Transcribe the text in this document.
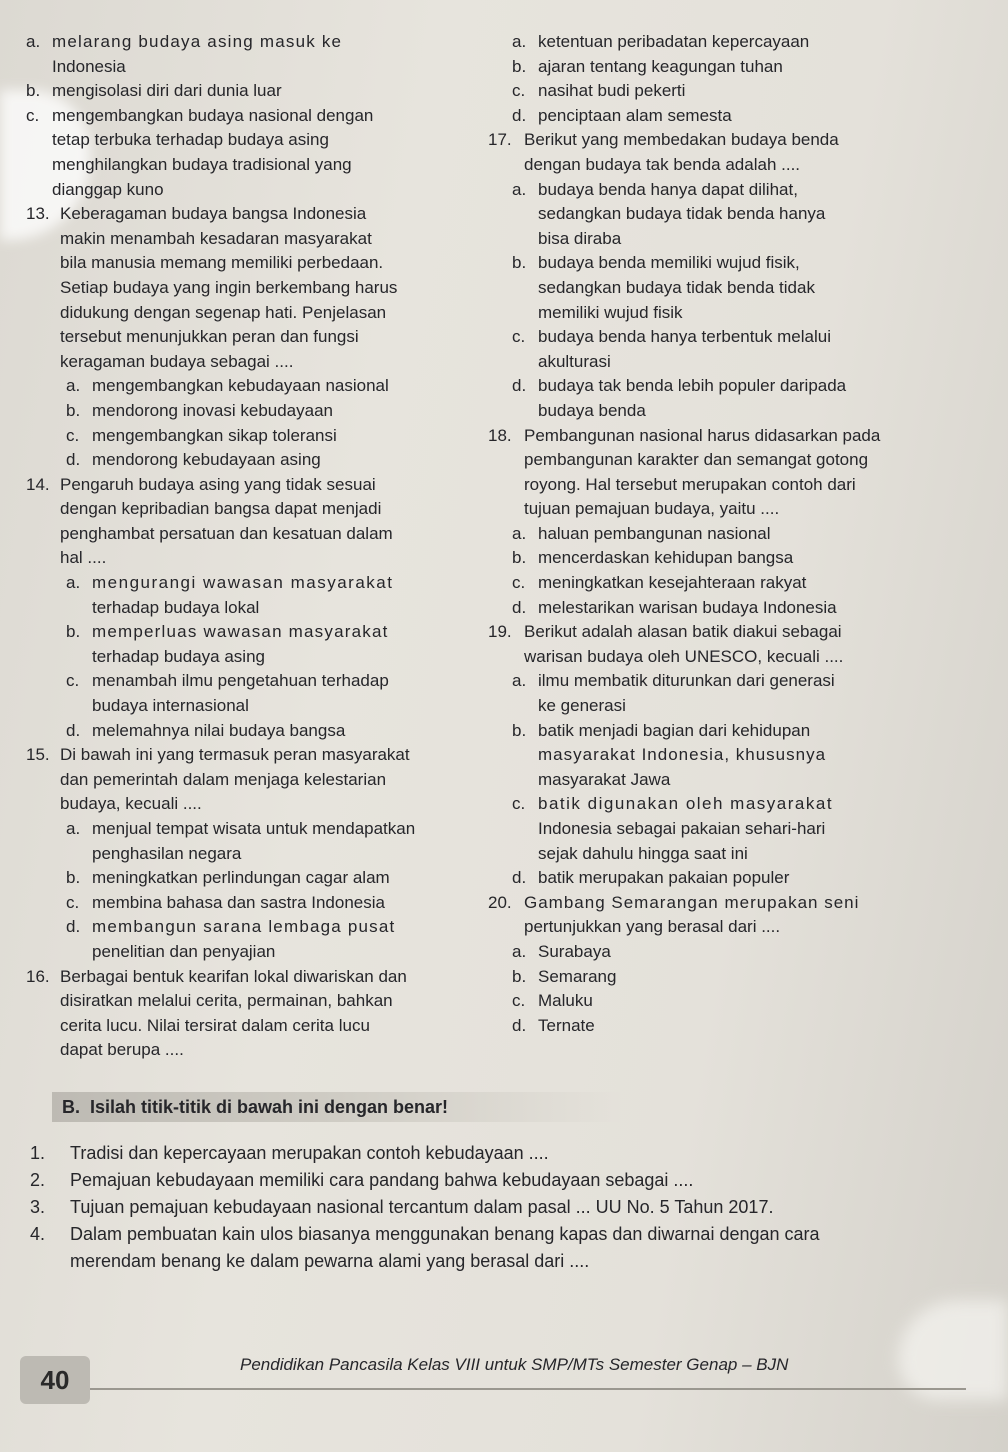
a. melarang budaya asing masuk ke
Indonesia
b. mengisolasi diri dari dunia luar
c. mengembangkan budaya nasional dengan
tetap terbuka terhadap budaya asing
menghilangkan budaya tradisional yang
dianggap kuno
13. Keberagaman budaya bangsa Indonesia
makin menambah kesadaran masyarakat
bila manusia memang memiliki perbedaan.
Setiap budaya yang ingin berkembang harus
didukung dengan segenap hati. Penjelasan
tersebut menunjukkan peran dan fungsi
keragaman budaya sebagai ....
a. mengembangkan kebudayaan nasional
b. mendorong inovasi kebudayaan
c. mengembangkan sikap toleransi
d. mendorong kebudayaan asing
14. Pengaruh budaya asing yang tidak sesuai
dengan kepribadian bangsa dapat menjadi
penghambat persatuan dan kesatuan dalam
hal ....
a. mengurangi wawasan masyarakat
terhadap budaya lokal
b. memperluas wawasan masyarakat
terhadap budaya asing
c. menambah ilmu pengetahuan terhadap
budaya internasional
d. melemahnya nilai budaya bangsa
15. Di bawah ini yang termasuk peran masyarakat
dan pemerintah dalam menjaga kelestarian
budaya, kecuali ....
a. menjual tempat wisata untuk mendapatkan
penghasilan negara
b. meningkatkan perlindungan cagar alam
c. membina bahasa dan sastra Indonesia
d. membangun sarana lembaga pusat
penelitian dan penyajian
16. Berbagai bentuk kearifan lokal diwariskan dan
disiratkan melalui cerita, permainan, bahkan
cerita lucu. Nilai tersirat dalam cerita lucu
dapat berupa ....
a. ketentuan peribadatan kepercayaan
b. ajaran tentang keagungan tuhan
c. nasihat budi pekerti
d. penciptaan alam semesta
17. Berikut yang membedakan budaya benda
dengan budaya tak benda adalah ....
a. budaya benda hanya dapat dilihat,
sedangkan budaya tidak benda hanya
bisa diraba
b. budaya benda memiliki wujud fisik,
sedangkan budaya tidak benda tidak
memiliki wujud fisik
c. budaya benda hanya terbentuk melalui
akulturasi
d. budaya tak benda lebih populer daripada
budaya benda
18. Pembangunan nasional harus didasarkan pada
pembangunan karakter dan semangat gotong
royong. Hal tersebut merupakan contoh dari
tujuan pemajuan budaya, yaitu ....
a. haluan pembangunan nasional
b. mencerdaskan kehidupan bangsa
c. meningkatkan kesejahteraan rakyat
d. melestarikan warisan budaya Indonesia
19. Berikut adalah alasan batik diakui sebagai
warisan budaya oleh UNESCO, kecuali ....
a. ilmu membatik diturunkan dari generasi
ke generasi
b. batik menjadi bagian dari kehidupan
masyarakat Indonesia, khususnya
masyarakat Jawa
c. batik digunakan oleh masyarakat
Indonesia sebagai pakaian sehari-hari
sejak dahulu hingga saat ini
d. batik merupakan pakaian populer
20. Gambang Semarangan merupakan seni
pertunjukkan yang berasal dari ....
a. Surabaya
b. Semarang
c. Maluku
d. Ternate
B. Isilah titik-titik di bawah ini dengan benar!
1.	Tradisi dan kepercayaan merupakan contoh kebudayaan ....
2.	Pemajuan kebudayaan memiliki cara pandang bahwa kebudayaan sebagai ....
3.	Tujuan pemajuan kebudayaan nasional tercantum dalam pasal ... UU No. 5 Tahun 2017.
4.	Dalam pembuatan kain ulos biasanya menggunakan benang kapas dan diwarnai dengan cara
merendam benang ke dalam pewarna alami yang berasal dari ....
40
Pendidikan Pancasila Kelas VIII untuk SMP/MTs Semester Genap – BJN
